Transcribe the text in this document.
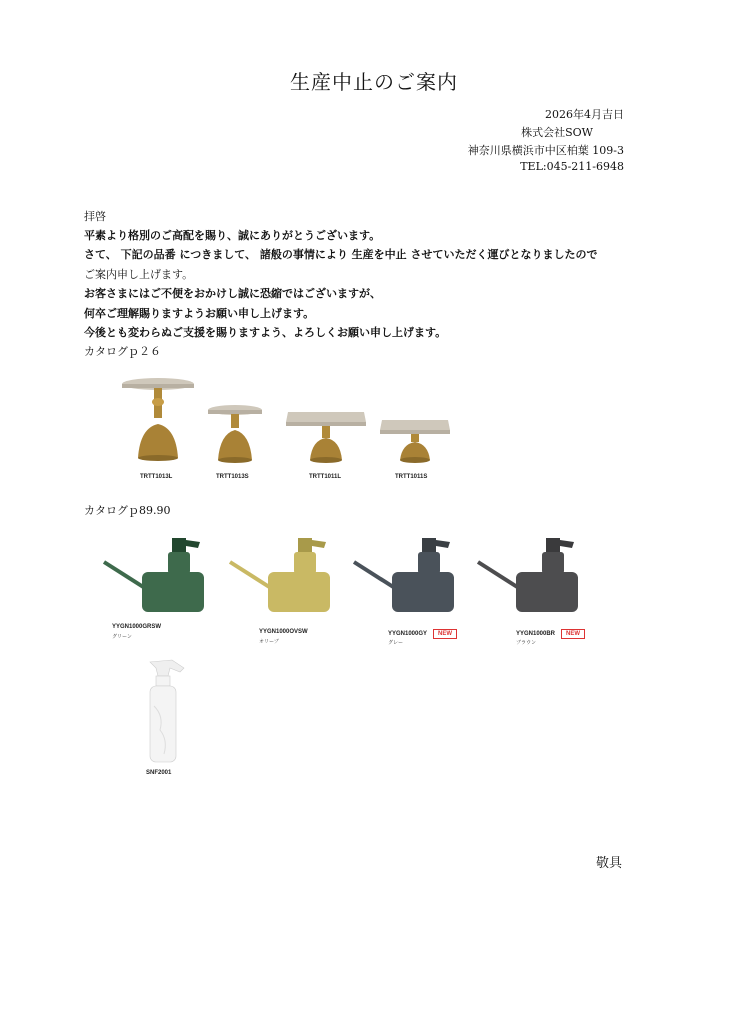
生産中止のご案内
2026年4月吉日
株式会社SOW
神奈川県横浜市中区柏葉 109-3
TEL:045-211-6948
拝啓
平素より格別のご高配を賜り、誠にありがとうございます。
さて、 下記の品番 につきまして、 諸般の事情により 生産を中止 させていただく運びとなりましたので
ご案内申し上げます。
お客さまにはご不便をおかけし誠に恐縮ではございますが、
何卒ご理解賜りますようお願い申し上げます。
今後とも変わらぬご支援を賜りますよう、よろしくお願い申し上げます。
カタログｐ２６
TRTT1013L	TRTT1013S	TRTT1011L	TRTT1011S
カタログｐ89.90
YYGN1000GRSW
グリーン
YYGN1000OVSW
オリーブ
YYGN1000GY NEW
グレー
YYGN1000BR NEW
ブラウン
SNF2001
敬具
